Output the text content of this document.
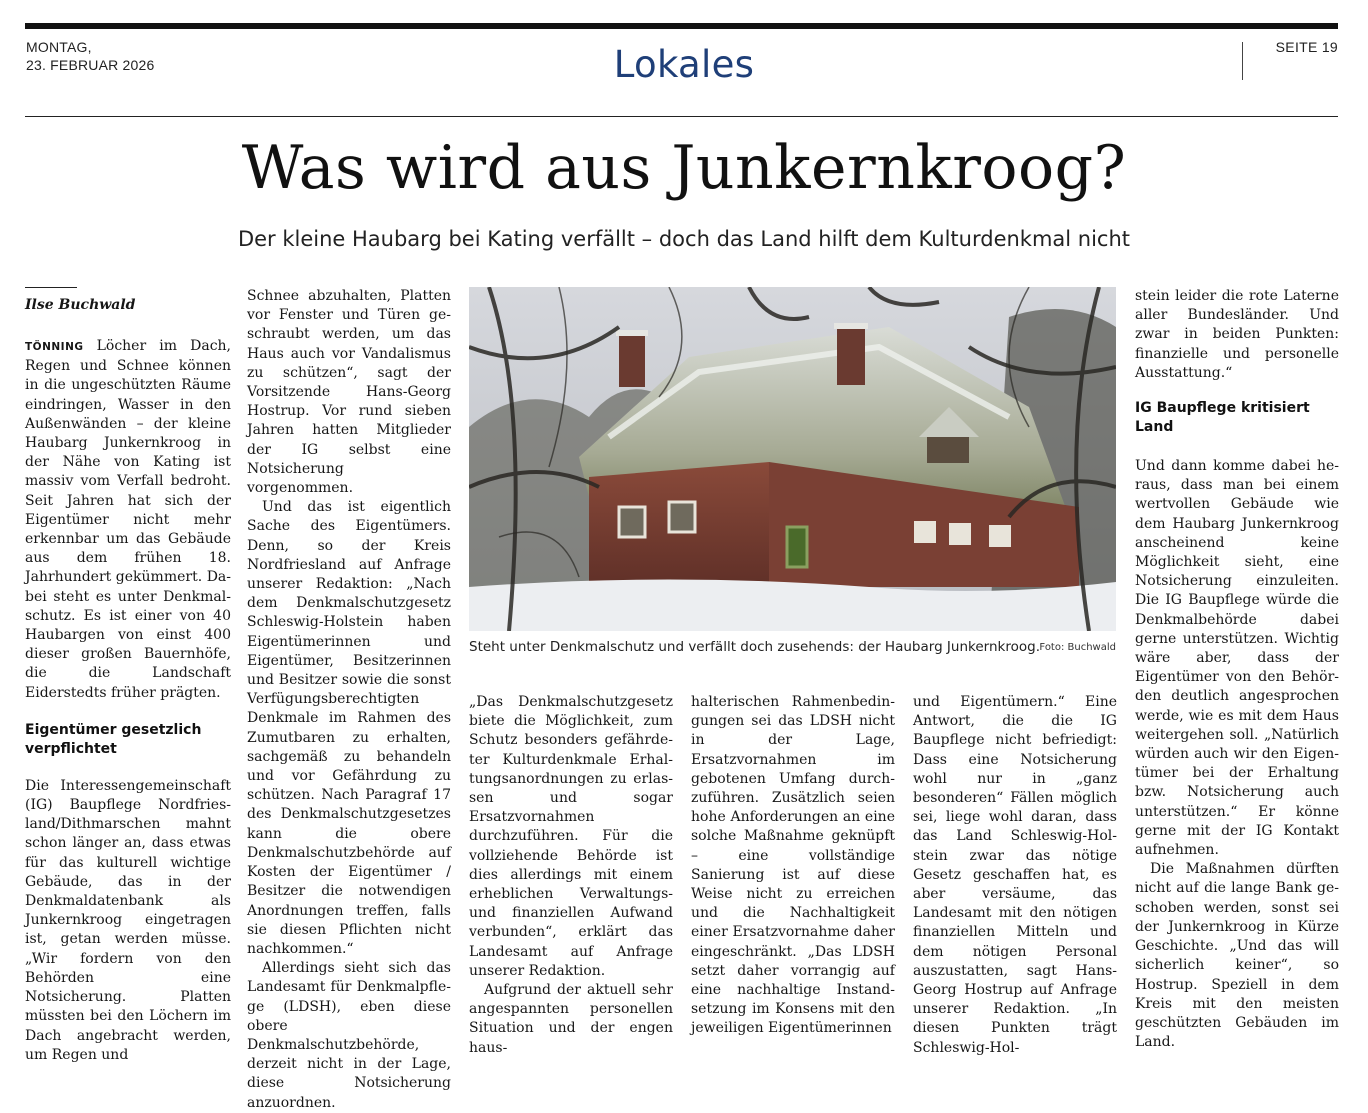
MONTAG,
23. FEBRUAR 2026	Lokales	SEITE 19
Was wird aus Junkernkroog?
Der kleine Haubarg bei Kating verfällt – doch das Land hilft dem Kulturdenkmal nicht
Ilse Buchwald

TÖNNING Löcher im Dach, Regen und Schnee können in die ungeschützten Räume eindringen, Wasser in den Außenwänden – der kleine Haubarg Junkernkroog in der Nähe von Kating ist massiv vom Verfall bedroht. Seit Jahren hat sich der Eigentümer nicht mehr erkennbar um das Gebäude aus dem frühen 18. Jahrhundert gekümmert. Dabei steht es unter Denkmalschutz. Es ist einer von 40 Haubargen von einst 400 dieser großen Bauernhöfe, die die Landschaft Eiderstedts früher prägten.

Eigentümer gesetzlich verpflichtet

Die Interessengemeinschaft (IG) Baupflege Nordfriesland/Dithmarschen mahnt schon länger an, dass etwas für das kulturell wichtige Gebäude, das in der Denkmaldatenbank als Junkernkroog eingetragen ist, getan werden müsse. „Wir fordern von den Behörden eine Notsicherung. Platten müssten bei den Löchern im Dach angebracht werden, um Regen und

Schnee abzuhalten, Platten vor Fenster und Türen geschraubt werden, um das Haus auch vor Vandalismus zu schützen“, sagt der Vorsitzende Hans-Georg Hostrup. Vor rund sieben Jahren hatten Mitglieder der IG selbst eine Notsicherung vorgenommen.

Und das ist eigentlich Sache des Eigentümers. Denn, so der Kreis Nordfriesland auf Anfrage unserer Redaktion: „Nach dem Denkmalschutzgesetz Schleswig-Holstein haben Eigentümerinnen und Eigentümer, Besitzerinnen und Besitzer sowie die sonst Verfügungsberechtigten Denkmale im Rahmen des Zumutbaren zu erhalten, sachgemäß zu behandeln und vor Gefährdung zu schützen. Nach Paragraf 17 des Denkmalschutzgesetzes kann die obere Denkmalschutzbehörde auf Kosten der Eigentümer / Besitzer die notwendigen Anordnungen treffen, falls sie diesen Pflichten nicht nachkommen.“

Allerdings sieht sich das Landesamt für Denkmalpflege (LDSH), eben diese obere Denkmalschutzbehörde, derzeit nicht in der Lage, diese Notsicherung anzuordnen.

Steht unter Denkmalschutz und verfällt doch zusehends: der Haubarg Junkernkroog. Foto: Buchwald

„Das Denkmalschutzgesetz biete die Möglichkeit, zum Schutz besonders gefährdeter Kulturdenkmale Erhaltungsanordnungen zu erlassen und sogar Ersatzvornahmen durchzuführen. Für die vollziehende Behörde ist dies allerdings mit einem erheblichen Verwaltungs- und finanziellen Aufwand verbunden“, erklärt das Landesamt auf Anfrage unserer Redaktion.

Aufgrund der aktuell sehr angespannten personellen Situation und der engen haus-

halterischen Rahmenbedingungen sei das LDSH nicht in der Lage, Ersatzvornahmen im gebotenen Umfang durchzuführen. Zusätzlich seien hohe Anforderungen an eine solche Maßnahme geknüpft – eine vollständige Sanierung ist auf diese Weise nicht zu erreichen und die Nachhaltigkeit einer Ersatzvornahme daher eingeschränkt. „Das LDSH setzt daher vorrangig auf eine nachhaltige Instandsetzung im Konsens mit den jeweiligen Eigentümerinnen

und Eigentümern.“ Eine Antwort, die die IG Baupflege nicht befriedigt: Dass eine Notsicherung wohl nur in „ganz besonderen“ Fällen möglich sei, liege wohl daran, dass das Land Schleswig-Holstein zwar das nötige Gesetz geschaffen hat, es aber versäume, das Landesamt mit den nötigen finanziellen Mitteln und dem nötigen Personal auszustatten, sagt Hans-Georg Hostrup auf Anfrage unserer Redaktion. „In diesen Punkten trägt Schleswig-Hol-

stein leider die rote Laterne aller Bundesländer. Und zwar in beiden Punkten: finanzielle und personelle Ausstattung.“

IG Baupflege kritisiert Land

Und dann komme dabei heraus, dass man bei einem wertvollen Gebäude wie dem Haubarg Junkernkroog anscheinend keine Möglichkeit sieht, eine Notsicherung einzuleiten. Die IG Baupflege würde die Denkmalbehörde dabei gerne unterstützen. Wichtig wäre aber, dass der Eigentümer von den Behörden deutlich angesprochen werde, wie es mit dem Haus weitergehen soll. „Natürlich würden auch wir den Eigentümer bei der Erhaltung bzw. Notsicherung auch unterstützen.“ Er könne gerne mit der IG Kontakt aufnehmen.

Die Maßnahmen dürften nicht auf die lange Bank geschoben werden, sonst sei der Junkernkroog in Kürze Geschichte. „Und das will sicherlich keiner“, so Hostrup. Speziell in dem Kreis mit den meisten geschützten Gebäuden im Land.
